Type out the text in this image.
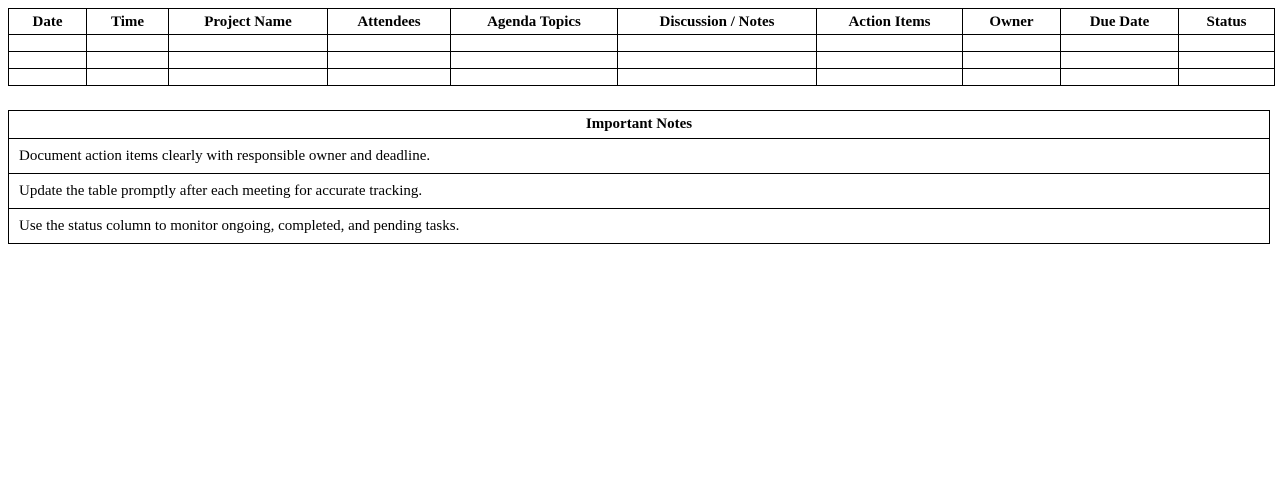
Date	Time	Project Name	Attendees	Agenda Topics	Discussion / Notes	Action Items	Owner	Due Date	Status

Important Notes
Document action items clearly with responsible owner and deadline.
Update the table promptly after each meeting for accurate tracking.
Use the status column to monitor ongoing, completed, and pending tasks.
